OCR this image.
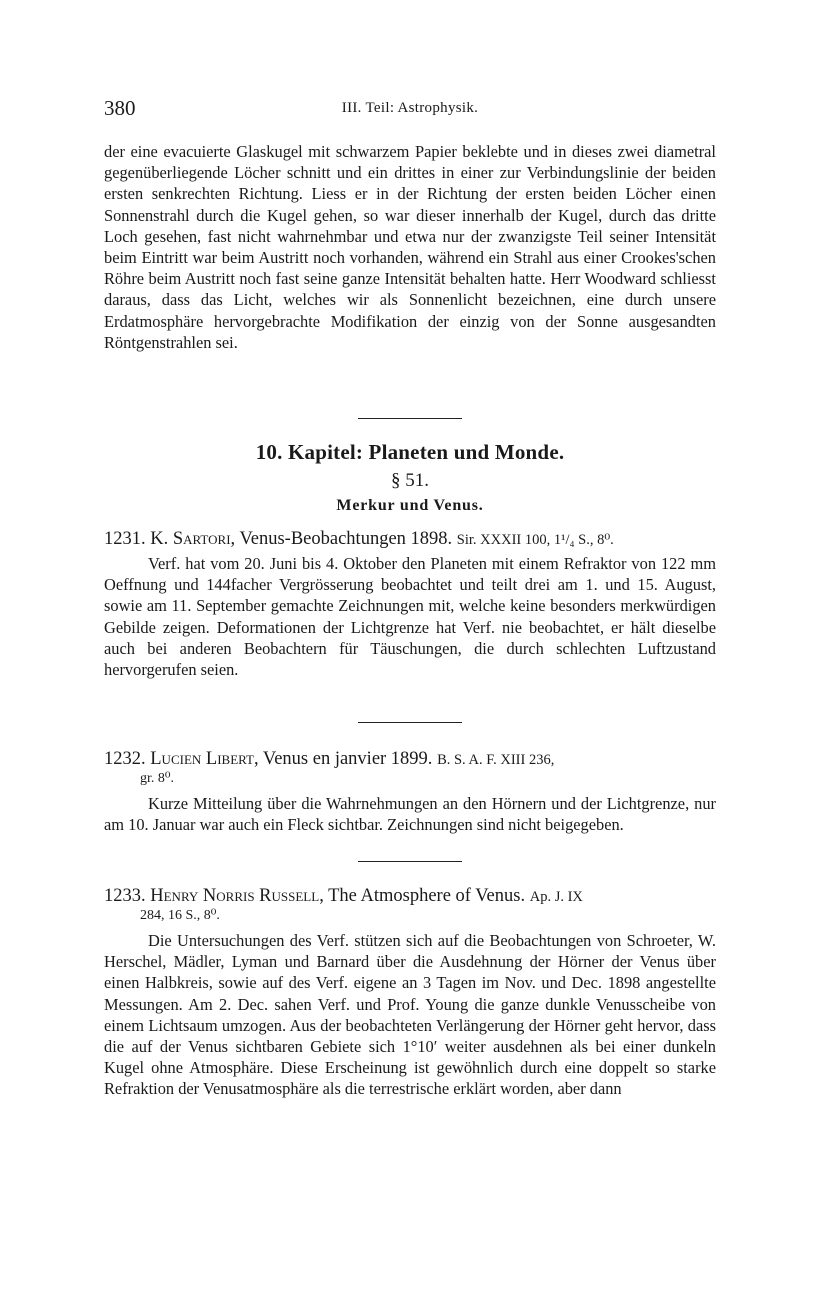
380	III. Teil: Astrophysik.

der eine evacuierte Glaskugel mit schwarzem Papier beklebte und in dieses zwei diametral gegenüberliegende Löcher schnitt und ein drittes in einer zur Verbindungslinie der beiden ersten senkrechten Richtung. Liess er in der Richtung der ersten beiden Löcher einen Sonnenstrahl durch die Kugel gehen, so war dieser innerhalb der Kugel, durch das dritte Loch gesehen, fast nicht wahrnehmbar und etwa nur der zwanzigste Teil seiner Intensität beim Eintritt war beim Austritt noch vorhanden, während ein Strahl aus einer Crookes'schen Röhre beim Austritt noch fast seine ganze Intensität behalten hatte. Herr Woodward schliesst daraus, dass das Licht, welches wir als Sonnenlicht bezeichnen, eine durch unsere Erdatmosphäre hervorgebrachte Modifikation der einzig von der Sonne ausgesandten Röntgenstrahlen sei.

10. Kapitel: Planeten und Monde.
§ 51.
Merkur und Venus.
1231. K. Sartori, Venus-Beobachtungen 1898. Sir. XXXII 100, 1¹/₄ S., 8⁰.

Verf. hat vom 20. Juni bis 4. Oktober den Planeten mit einem Refraktor von 122 mm Oeffnung und 144facher Vergrösserung beobachtet und teilt drei am 1. und 15. August, sowie am 11. September gemachte Zeichnungen mit, welche keine besonders merkwürdigen Gebilde zeigen. Deformationen der Lichtgrenze hat Verf. nie beobachtet, er hält dieselbe auch bei anderen Beobachtern für Täuschungen, die durch schlechten Luftzustand hervorgerufen seien.

1232. Lucien Libert, Venus en janvier 1899. B. S. A. F. XIII 236,
gr. 8⁰.

Kurze Mitteilung über die Wahrnehmungen an den Hörnern und der Lichtgrenze, nur am 10. Januar war auch ein Fleck sichtbar. Zeichnungen sind nicht beigegeben.

1233. Henry Norris Russell, The Atmosphere of Venus. Ap. J. IX
284, 16 S., 8⁰.

Die Untersuchungen des Verf. stützen sich auf die Beobachtungen von Schroeter, W. Herschel, Mädler, Lyman und Barnard über die Ausdehnung der Hörner der Venus über einen Halbkreis, sowie auf des Verf. eigene an 3 Tagen im Nov. und Dec. 1898 angestellte Messungen. Am 2. Dec. sahen Verf. und Prof. Young die ganze dunkle Venusscheibe von einem Lichtsaum umzogen. Aus der beobachteten Verlängerung der Hörner geht hervor, dass die auf der Venus sichtbaren Gebiete sich 1°10′ weiter ausdehnen als bei einer dunkeln Kugel ohne Atmosphäre. Diese Erscheinung ist gewöhnlich durch eine doppelt so starke Refraktion der Venusatmosphäre als die terrestrische erklärt worden, aber dann
